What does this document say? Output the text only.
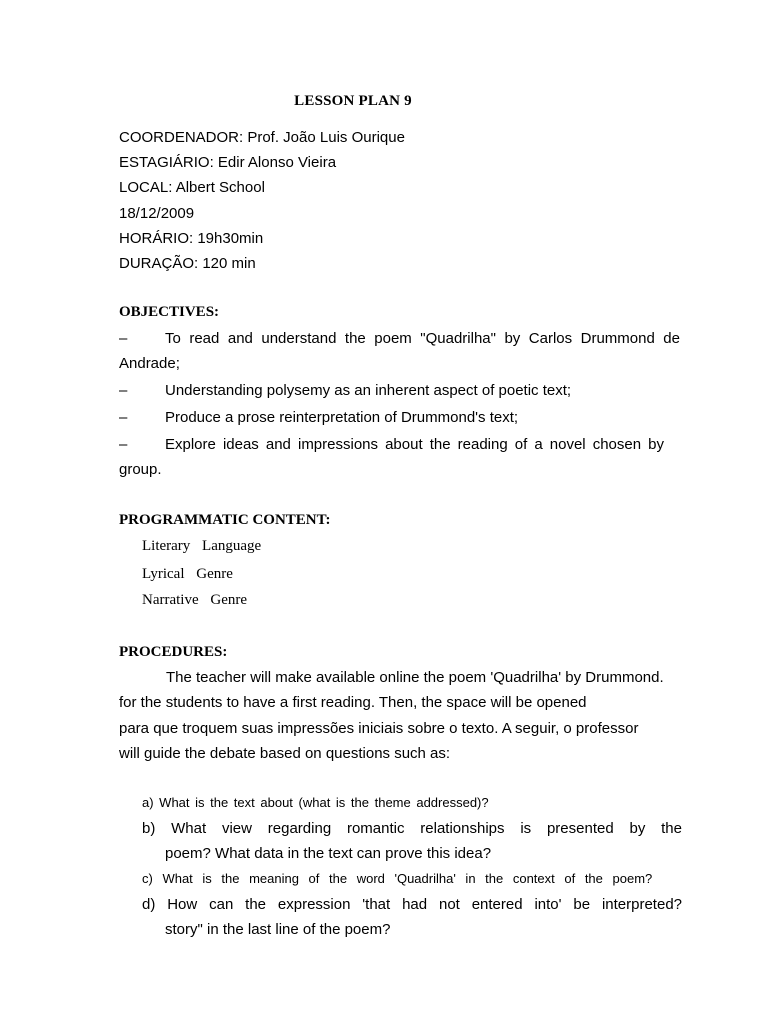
LESSON PLAN 9
COORDENADOR: Prof. João Luis Ourique
ESTAGIÁRIO: Edir Alonso Vieira
LOCAL: Albert School
18/12/2009
HORÁRIO: 19h30min
DURAÇÃO: 120 min
OBJECTIVES:
–	To read and understand the poem "Quadrilha" by Carlos Drummond de Andrade;
–	Understanding polysemy as an inherent aspect of poetic text;
–	Produce a prose reinterpretation of Drummond's text;
–	Explore ideas and impressions about the reading of a novel chosen by group.
PROGRAMMATIC CONTENT:
Literary Language
Lyrical Genre
Narrative Genre
PROCEDURES:
The teacher will make available online the poem 'Quadrilha' by Drummond.
for the students to have a first reading. Then, the space will be opened
para que troquem suas impressões iniciais sobre o texto. A seguir, o professor
will guide the debate based on questions such as:
a) What is the text about (what is the theme addressed)?
b) What view regarding romantic relationships is presented by the
poem? What data in the text can prove this idea?
c) What is the meaning of the word 'Quadrilha' in the context of the poem?
d) How can the expression 'that had not entered into' be interpreted?
story" in the last line of the poem?
